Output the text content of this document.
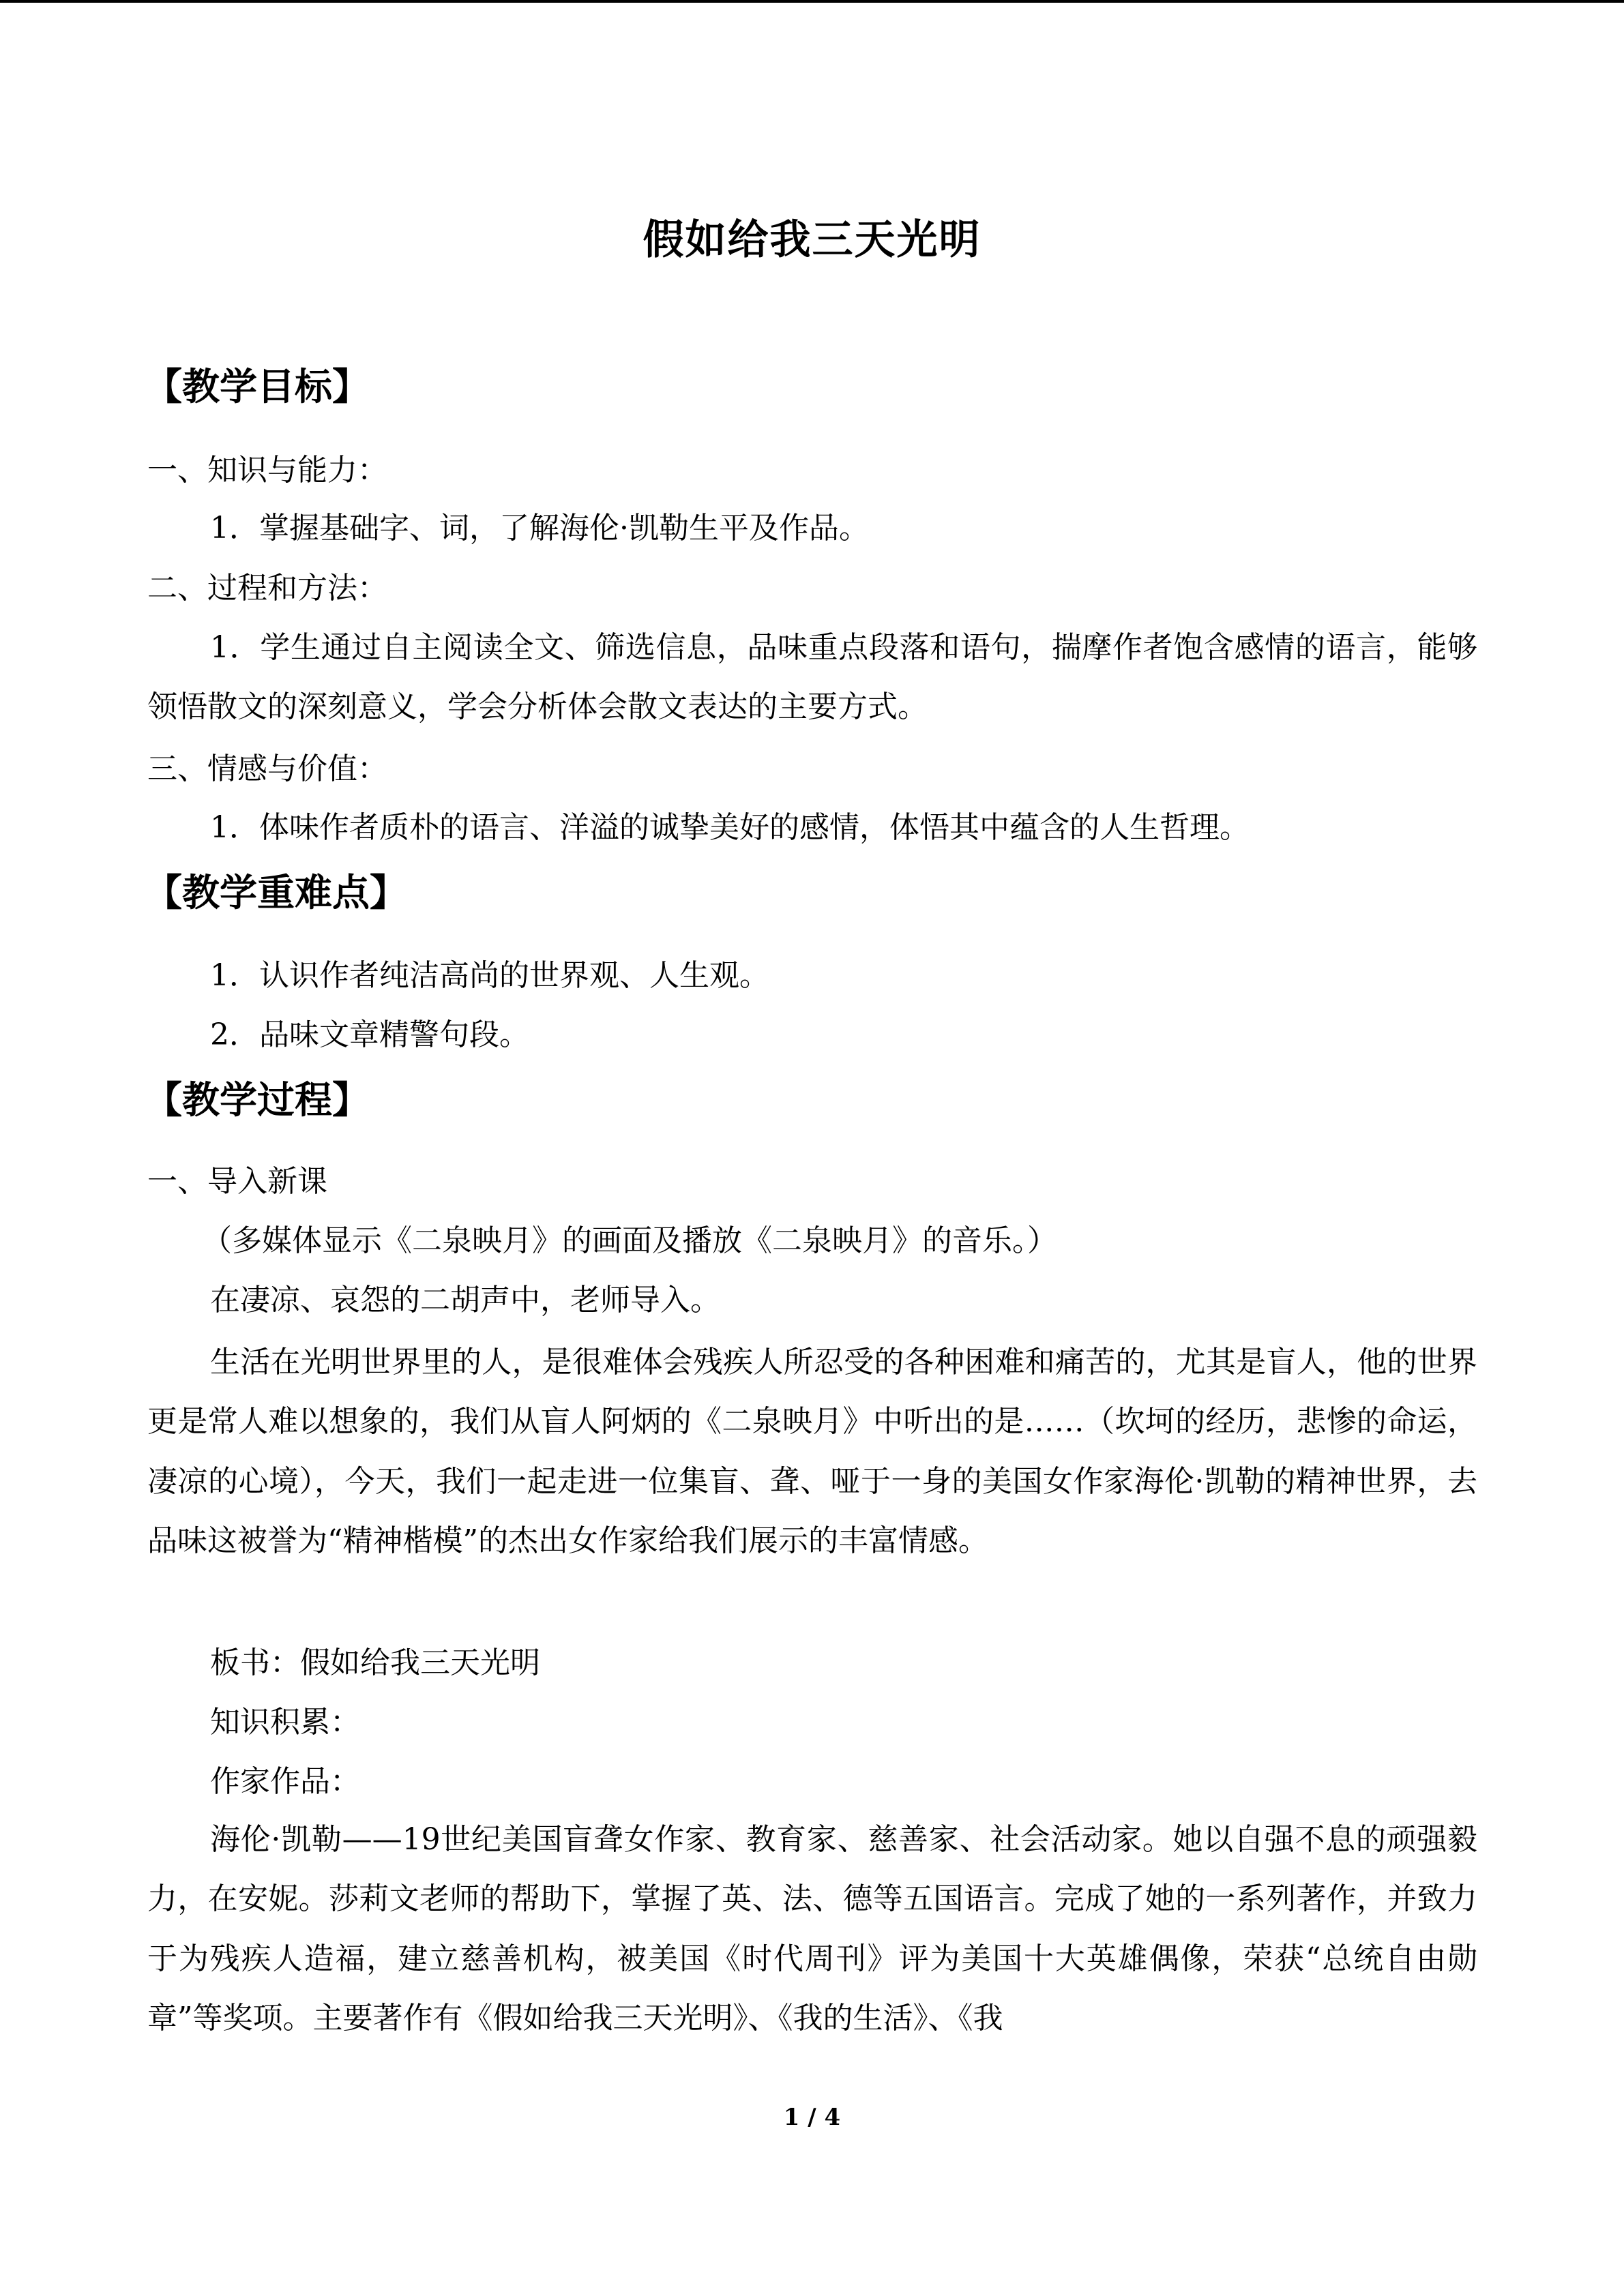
假如给我三天光明
【教学目标】
一、知识与能力：
1．掌握基础字、词，了解海伦·凯勒生平及作品。
二、过程和方法：
1．学生通过自主阅读全文、筛选信息，品味重点段落和语句，揣摩作者饱含感情的语言，能够领悟散文的深刻意义，学会分析体会散文表达的主要方式。
三、情感与价值：
1．体味作者质朴的语言、洋溢的诚挚美好的感情，体悟其中蕴含的人生哲理。
【教学重难点】
1．认识作者纯洁高尚的世界观、人生观。
2．品味文章精警句段。
【教学过程】
一、导入新课
（多媒体显示《二泉映月》的画面及播放《二泉映月》的音乐。）
在凄凉、哀怨的二胡声中，老师导入。
生活在光明世界里的人，是很难体会残疾人所忍受的各种困难和痛苦的，尤其是盲人，他的世界更是常人难以想象的，我们从盲人阿炳的《二泉映月》中听出的是……（坎坷的经历，悲惨的命运，凄凉的心境），今天，我们一起走进一位集盲、聋、哑于一身的美国女作家海伦·凯勒的精神世界，去品味这被誉为“精神楷模”的杰出女作家给我们展示的丰富情感。
板书：假如给我三天光明
知识积累：
作家作品：
海伦·凯勒——19世纪美国盲聋女作家、教育家、慈善家、社会活动家。她以自强不息的顽强毅力，在安妮。莎莉文老师的帮助下，掌握了英、法、德等五国语言。完成了她的一系列著作，并致力于为残疾人造福，建立慈善机构，被美国《时代周刊》评为美国十大英雄偶像，荣获“总统自由勋章”等奖项。主要著作有《假如给我三天光明》、《我的生活》、《我
1 / 4
